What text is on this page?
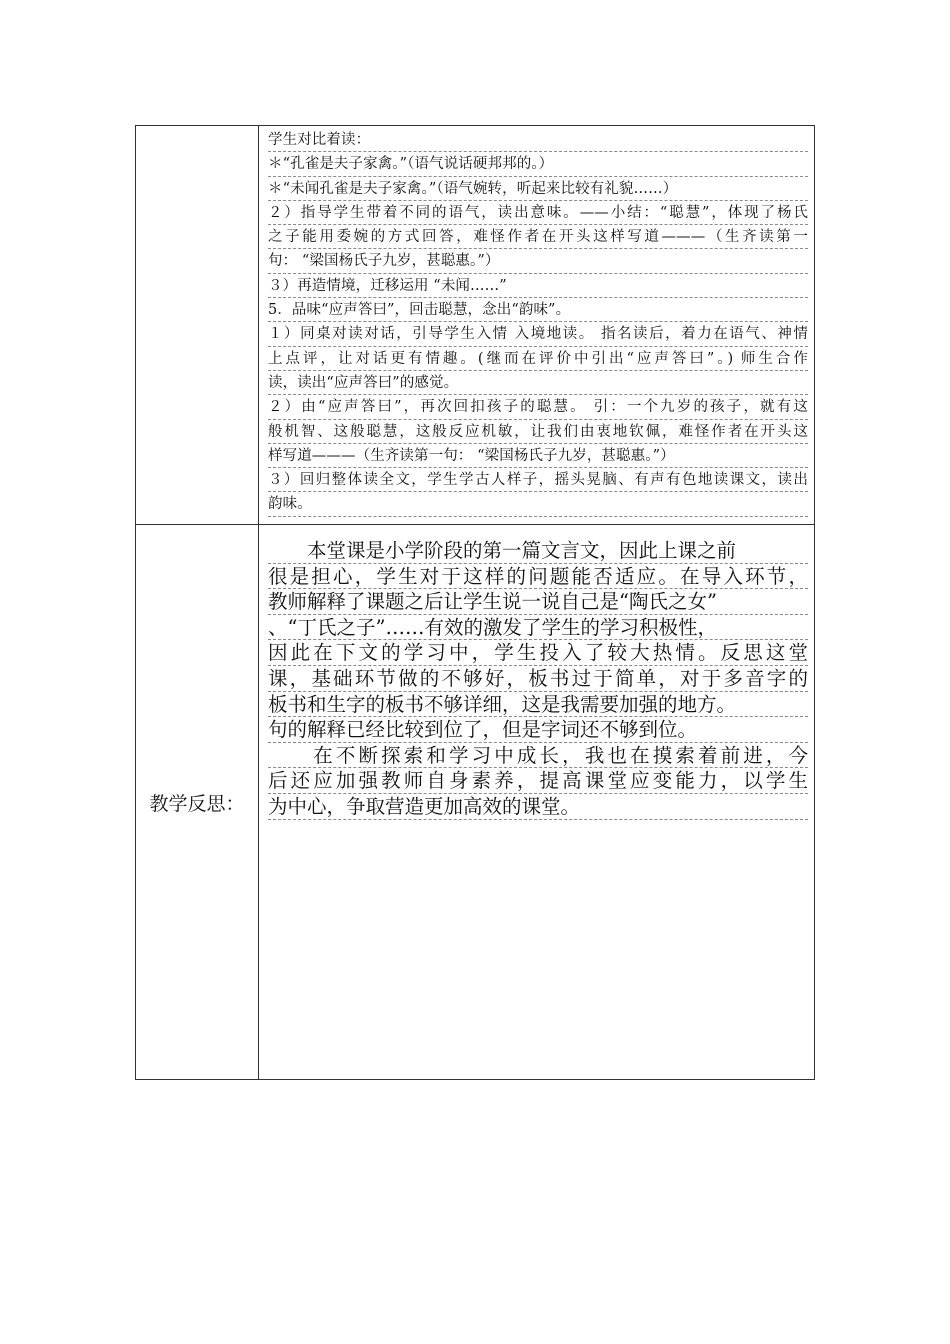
学生对比着读：
＊“孔雀是夫子家禽。”（语气说话硬邦邦的。）
＊“未闻孔雀是夫子家禽。”（语气婉转，听起来比较有礼貌……）
２）指导学生带着不同的语气，读出意味。——小结：“聪慧”，体现了杨氏
之子能用委婉的方式回答，难怪作者在开头这样写道———（生齐读第一
句： “梁国杨氏子九岁，甚聪惠。”）
３）再造情境，迁移运用 “未闻……”
5．品味“应声答曰”，回击聪慧，念出“韵味”。
１）同桌对读对话，引导学生入情 入境地读。 指名读后，着力在语气、神情
上点评，让对话更有情趣。(继而在评价中引出“应声答曰”。) 师生合作
读，读出“应声答曰”的感觉。
２）由“应声答曰”，再次回扣孩子的聪慧。 引：一个九岁的孩子，就有这
般机智、这般聪慧，这般反应机敏，让我们由衷地钦佩，难怪作者在开头这
样写道———（生齐读第一句： “梁国杨氏子九岁，甚聪惠。”）
３）回归整体读全文，学生学古人样子，摇头晃脑、有声有色地读课文，读出
韵味。
教学反思：
　　本堂课是小学阶段的第一篇文言文，因此上课之前
很是担心，学生对于这样的问题能否适应。在导入环节，
教师解释了课题之后让学生说一说自己是“陶氏之女”
、“丁氏之子”……有效的激发了学生的学习积极性，
因此在下文的学习中，学生投入了较大热情。反思这堂
课，基础环节做的不够好，板书过于简单，对于多音字的
板书和生字的板书不够详细，这是我需要加强的地方。
句的解释已经比较到位了，但是字词还不够到位。
　　在不断探索和学习中成长，我也在摸索着前进，今
后还应加强教师自身素养，提高课堂应变能力，以学生
为中心，争取营造更加高效的课堂。
